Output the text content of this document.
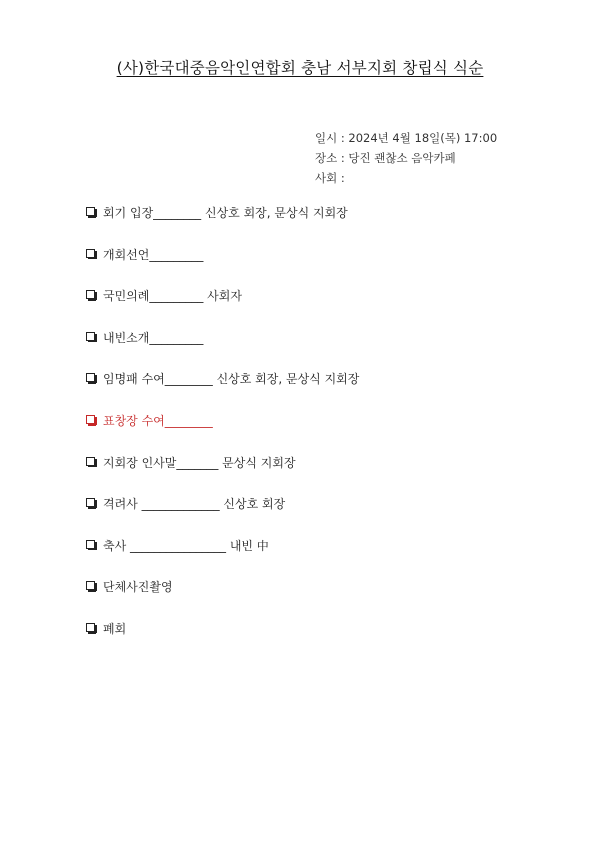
(사)한국대중음악인연합회 충남 서부지회 창립식 식순
일시 : 2024년 4월 18일(목) 17:00
장소 : 당진 괜찮소 음악카페
사회 :
회기 입장________ 신상호 회장, 문상식 지회장
개회선언_________
국민의례_________ 사회자
내빈소개_________
임명패 수여________ 신상호 회장, 문상식 지회장
표창장 수여________
지회장 인사말_______ 문상식 지회장
격려사 _____________ 신상호 회장
축사 ________________ 내빈 中
단체사진촬영
폐회
